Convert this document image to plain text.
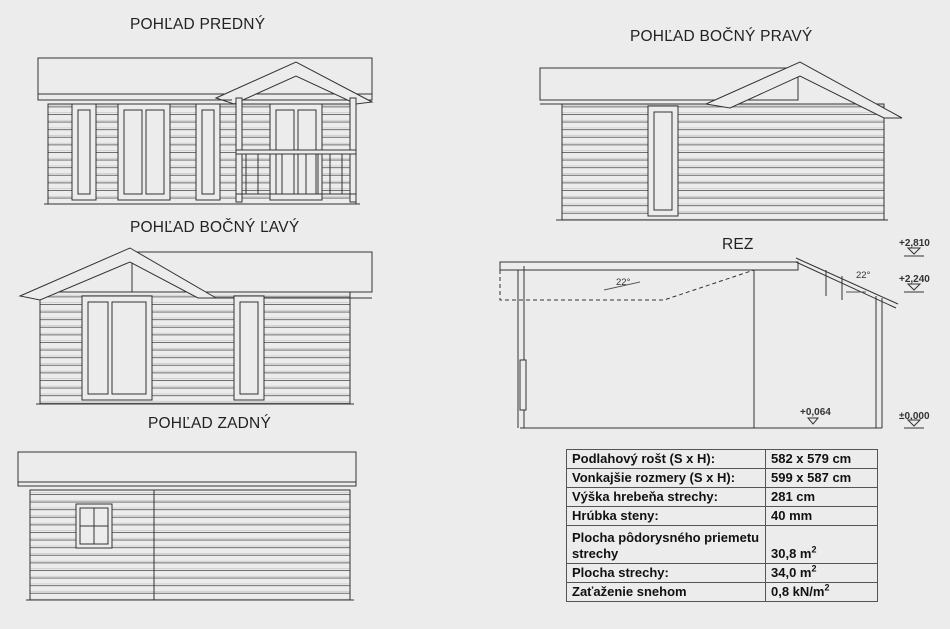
POHĽAD PREDNÝ
POHĽAD BOČNÝ PRAVÝ
POHĽAD BOČNÝ ĽAVÝ
POHĽAD ZADNÝ
REZ
22°
22°
+0,064
+2,810
+2,240
±0,000
Podlahový rošt (S x H):	582 x 579 cm
Vonkajšie rozmery (S x H):	599 x 587 cm
Výška hrebeňa strechy:	281 cm
Hrúbka steny:	40 mm
Plocha pôdorysného priemetu strechy	30,8 $m^2$
Plocha strechy:	34,0 $m^2$
Zaťaženie snehom	0,8 $kN/m^2$
